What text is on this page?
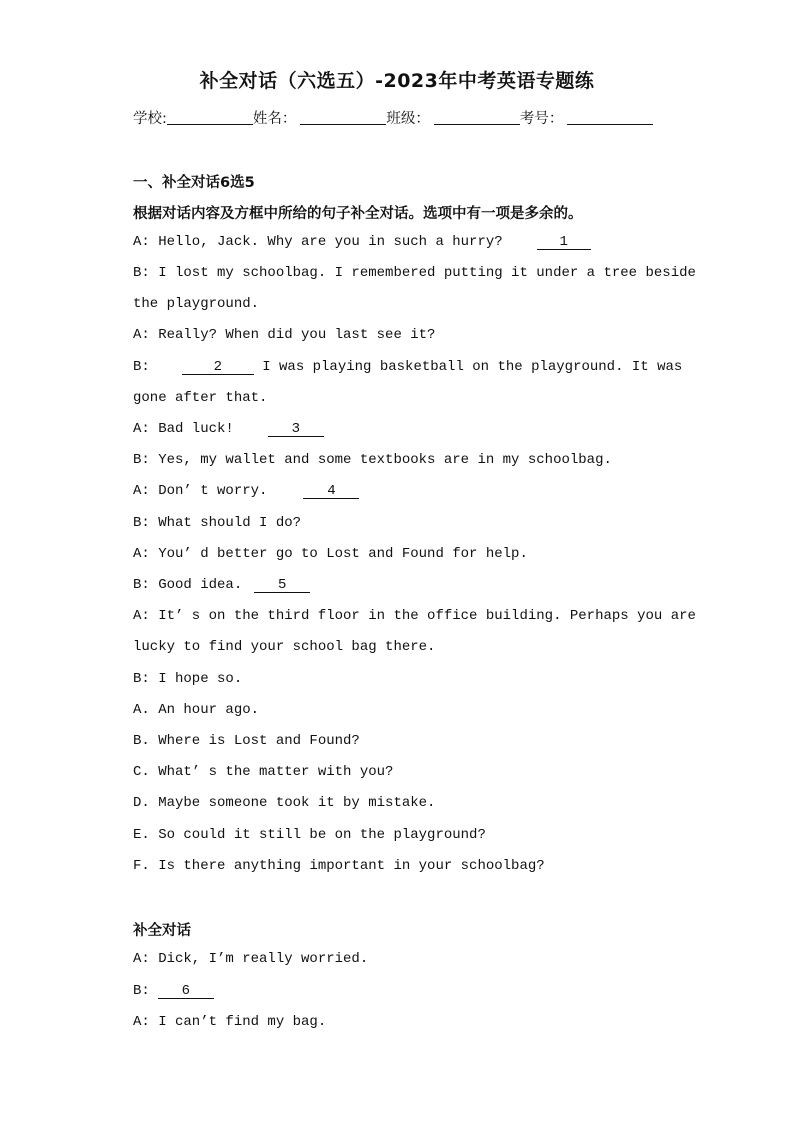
补全对话（六选五）-2023年中考英语专题练
学校:	姓名：	班级：	考号：
一、补全对话6选5
根据对话内容及方框中所给的句子补全对话。选项中有一项是多余的。
A: Hello, Jack. Why are you in such a hurry?	1
B: I lost my schoolbag. I remembered putting it under a tree beside
the playground.
A: Really? When did you last see it?
B:	2	I was playing basketball on the playground. It was
gone after that.
A: Bad luck!	3
B: Yes, my wallet and some textbooks are in my schoolbag.
A: Don’ t worry.	4
B: What should I do?
A: You’ d better go to Lost and Found for help.
B: Good idea.	5
A: It’ s on the third floor in the office building. Perhaps you are
lucky to find your school bag there.
B: I hope so.
A. An hour ago.
B. Where is Lost and Found?
C. What’ s the matter with you?
D. Maybe someone took it by mistake.
E. So could it still be on the playground?
F. Is there anything important in your schoolbag?
补全对话
A: Dick, I’m really worried.
B: 6
A: I can’t find my bag.
